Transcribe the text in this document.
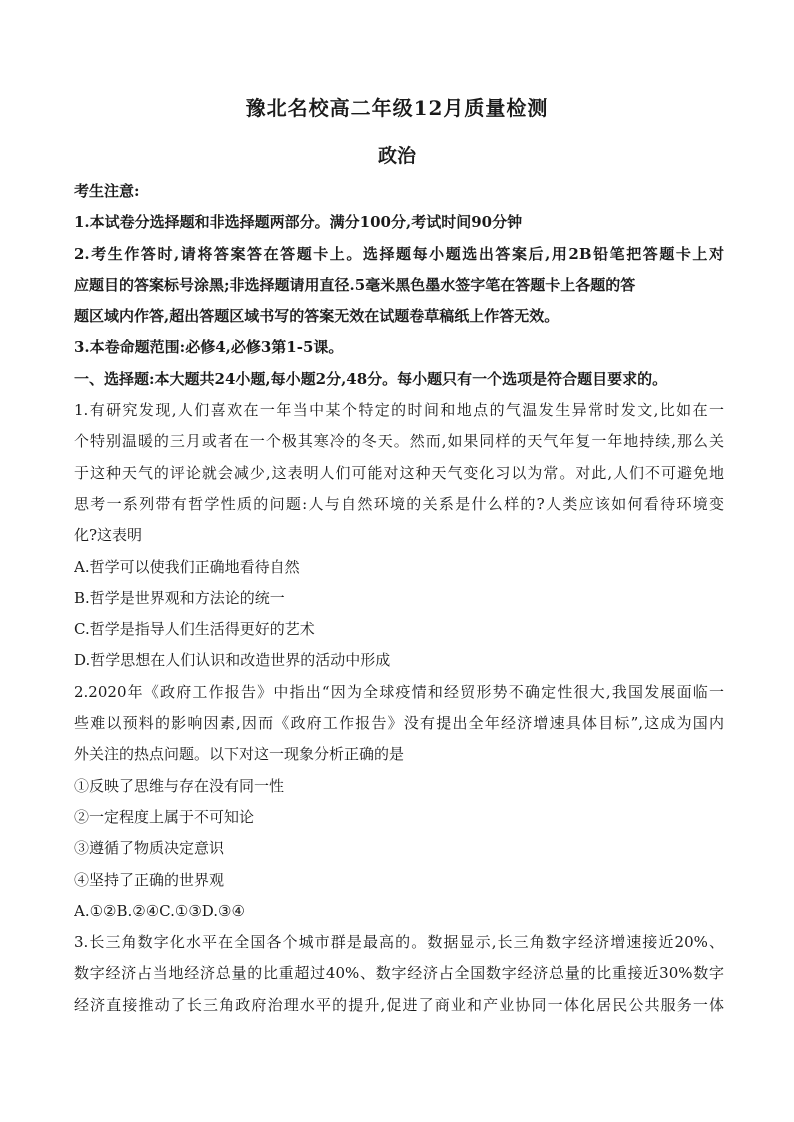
豫北名校高二年级12月质量检测
政治
考生注意:
1.本试卷分选择题和非选择题两部分。满分100分,考试时间90分钟
2.考生作答时,请将答案答在答题卡上。选择题每小题选出答案后,用2B铅笔把答题卡上对
应题目的答案标号涂黑;非选择题请用直径.5毫米黑色墨水签字笔在答题卡上各题的答
题区域内作答,超出答题区域书写的答案无效在试题卷草稿纸上作答无效。
3.本卷命题范围:必修4,必修3第1-5课。
一、选择题:本大题共24小题,每小题2分,48分。每小题只有一个选项是符合题目要求的。
1.有研究发现,人们喜欢在一年当中某个特定的时间和地点的气温发生异常时发文,比如在一
个特别温暖的三月或者在一个极其寒冷的冬天。然而,如果同样的天气年复一年地持续,那么关
于这种天气的评论就会减少,这表明人们可能对这种天气变化习以为常。对此,人们不可避免地
思考一系列带有哲学性质的问题:人与自然环境的关系是什么样的?人类应该如何看待环境变
化?这表明
A.哲学可以使我们正确地看待自然
B.哲学是世界观和方法论的统一
C.哲学是指导人们生活得更好的艺术
D.哲学思想在人们认识和改造世界的活动中形成
2.2020年《政府工作报告》中指出“因为全球疫情和经贸形势不确定性很大,我国发展面临一
些难以预料的影响因素,因而《政府工作报告》没有提出全年经济增速具体目标”,这成为国内
外关注的热点问题。以下对这一现象分析正确的是
①反映了思维与存在没有同一性
②一定程度上属于不可知论
③遵循了物质决定意识
④坚持了正确的世界观
A.①②B.②④C.①③D.③④
3.长三角数字化水平在全国各个城市群是最高的。数据显示,长三角数字经济增速接近20%、
数字经济占当地经济总量的比重超过40%、数字经济占全国数字经济总量的比重接近30%数字
经济直接推动了长三角政府治理水平的提升,促进了商业和产业协同一体化居民公共服务一体
